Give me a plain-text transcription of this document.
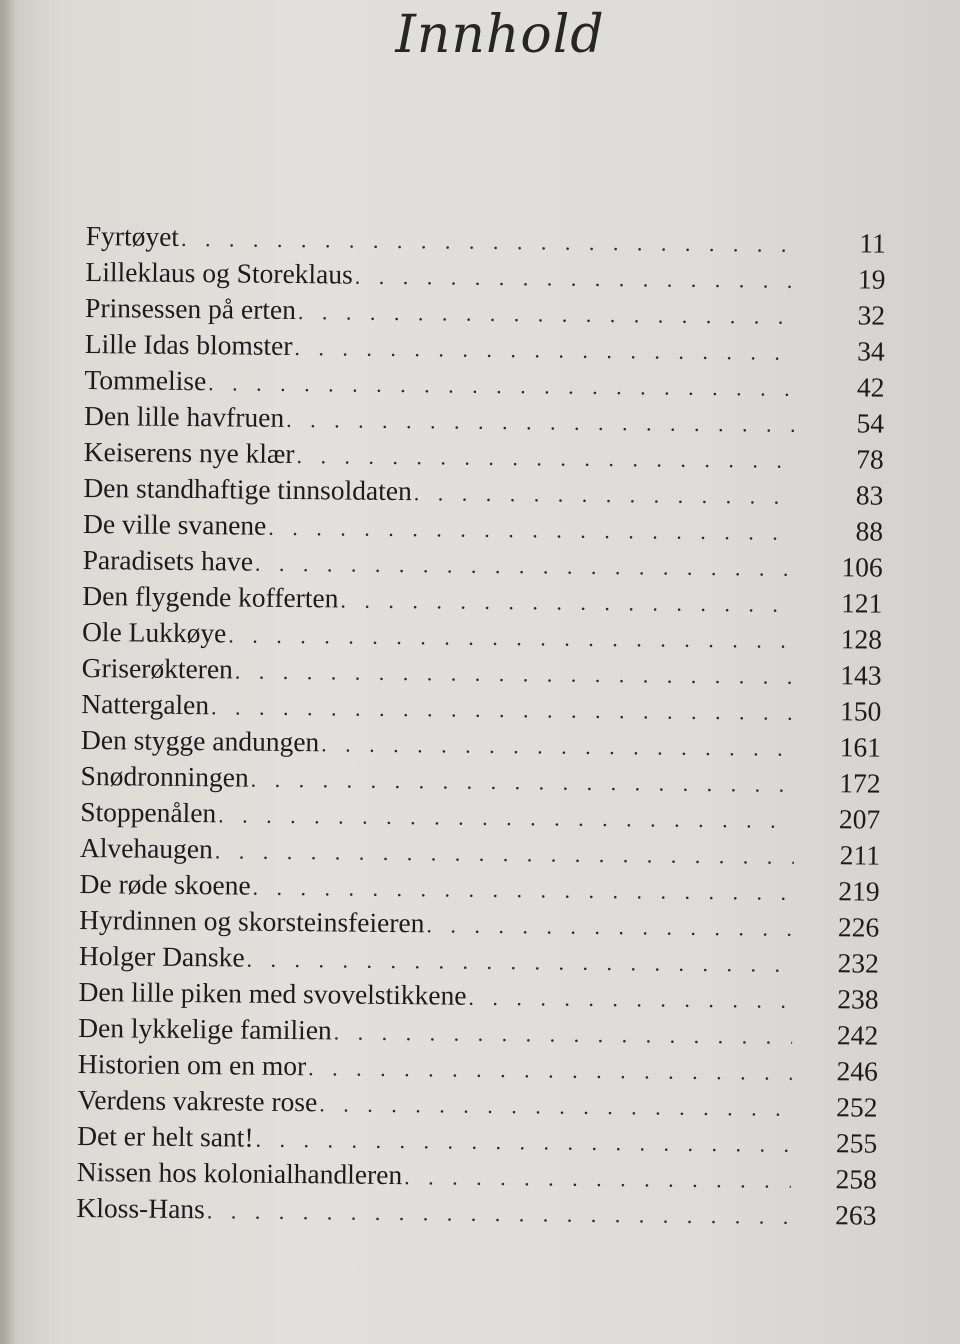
Innhold
Fyrtøyet . . .	11
Lilleklaus og Storeklaus . . .	19
Prinsessen på erten . . .	32
Lille Idas blomster . . .	34
Tommelise . . .	42
Den lille havfruen . . .	54
Keiserens nye klær . . .	78
Den standhaftige tinnsoldaten . . .	83
De ville svanene . . .	88
Paradisets have . . .	106
Den flygende kofferten . . .	121
Ole Lukkøye . . .	128
Griserøkteren . . .	143
Nattergalen . . .	150
Den stygge andungen . . .	161
Snødronningen . . .	172
Stoppenålen . . .	207
Alvehaugen . . .	211
De røde skoene . . .	219
Hyrdinnen og skorsteinsfeieren . . .	226
Holger Danske . . .	232
Den lille piken med svovelstikkene . . .	238
Den lykkelige familien . . .	242
Historien om en mor . . .	246
Verdens vakreste rose . . .	252
Det er helt sant! . . .	255
Nissen hos kolonialhandleren . . .	258
Kloss-Hans . . .	263
